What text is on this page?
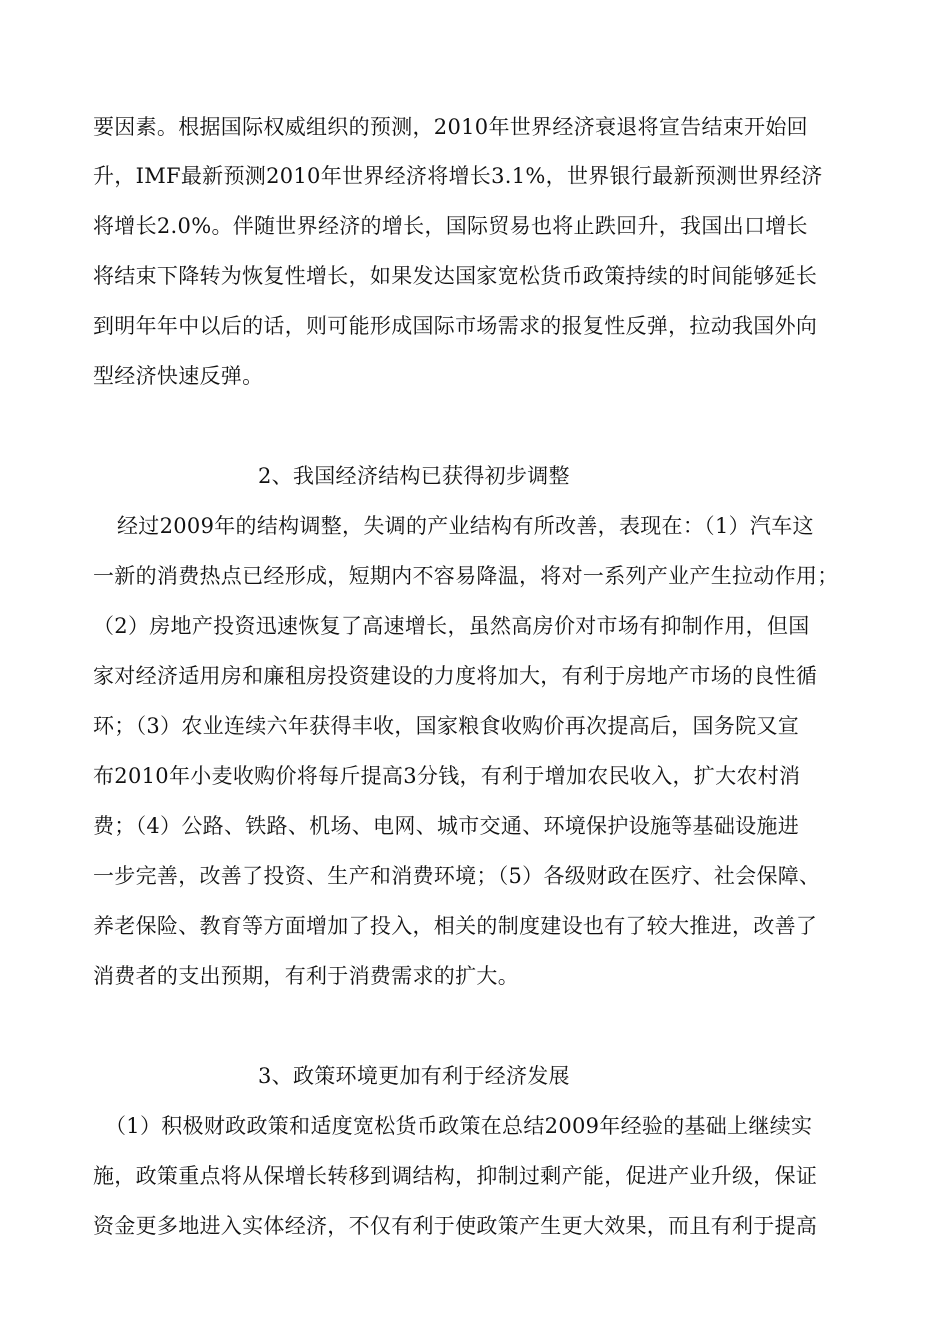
要因素。根据国际权威组织的预测，2010年世界经济衰退将宣告结束开始回
升，IMF最新预测2010年世界经济将增长3.1%，世界银行最新预测世界经济
将增长2.0%。伴随世界经济的增长，国际贸易也将止跌回升，我国出口增长
将结束下降转为恢复性增长，如果发达国家宽松货币政策持续的时间能够延长
到明年年中以后的话，则可能形成国际市场需求的报复性反弹，拉动我国外向
型经济快速反弹。
2、我国经济结构已获得初步调整
经过2009年的结构调整，失调的产业结构有所改善，表现在：（1）汽车这
一新的消费热点已经形成，短期内不容易降温，将对一系列产业产生拉动作用；
（2）房地产投资迅速恢复了高速增长，虽然高房价对市场有抑制作用，但国
家对经济适用房和廉租房投资建设的力度将加大，有利于房地产市场的良性循
环；（3）农业连续六年获得丰收，国家粮食收购价再次提高后，国务院又宣
布2010年小麦收购价将每斤提高3分钱，有利于增加农民收入，扩大农村消
费；（4）公路、铁路、机场、电网、城市交通、环境保护设施等基础设施进
一步完善，改善了投资、生产和消费环境；（5）各级财政在医疗、社会保障、
养老保险、教育等方面增加了投入，相关的制度建设也有了较大推进，改善了
消费者的支出预期，有利于消费需求的扩大。
3、政策环境更加有利于经济发展
（1）积极财政政策和适度宽松货币政策在总结2009年经验的基础上继续实
施，政策重点将从保增长转移到调结构，抑制过剩产能，促进产业升级，保证
资金更多地进入实体经济，不仅有利于使政策产生更大效果，而且有利于提高
